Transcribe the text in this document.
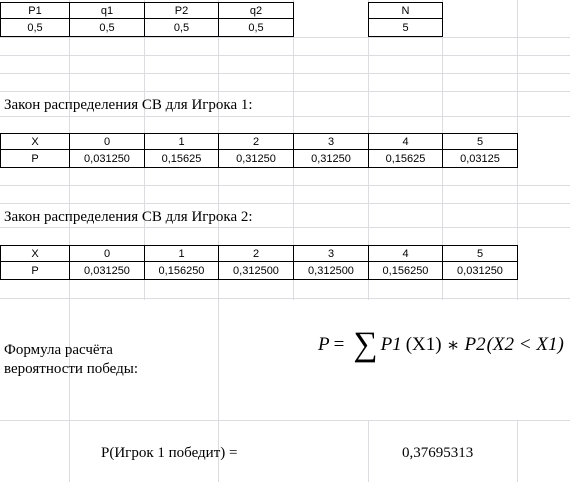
P1	q1	P2	q2
0,5	0,5	0,5	0,5
N
5
Закон распределения СВ для Игрока 1:
X	0	1	2	3	4	5
P	0,031250	0,15625	0,31250	0,31250	0,15625	0,03125
Закон распределения СВ для Игрока 2:
X	0	1	2	3	4	5
P	0,031250	0,156250	0,312500	0,312500	0,156250	0,031250
Формула расчёта
вероятности победы:
P = ∑ P1 (X1) ∗ P2 (X2 < X1)
P(Игрок 1 победит) =	0,37695313
